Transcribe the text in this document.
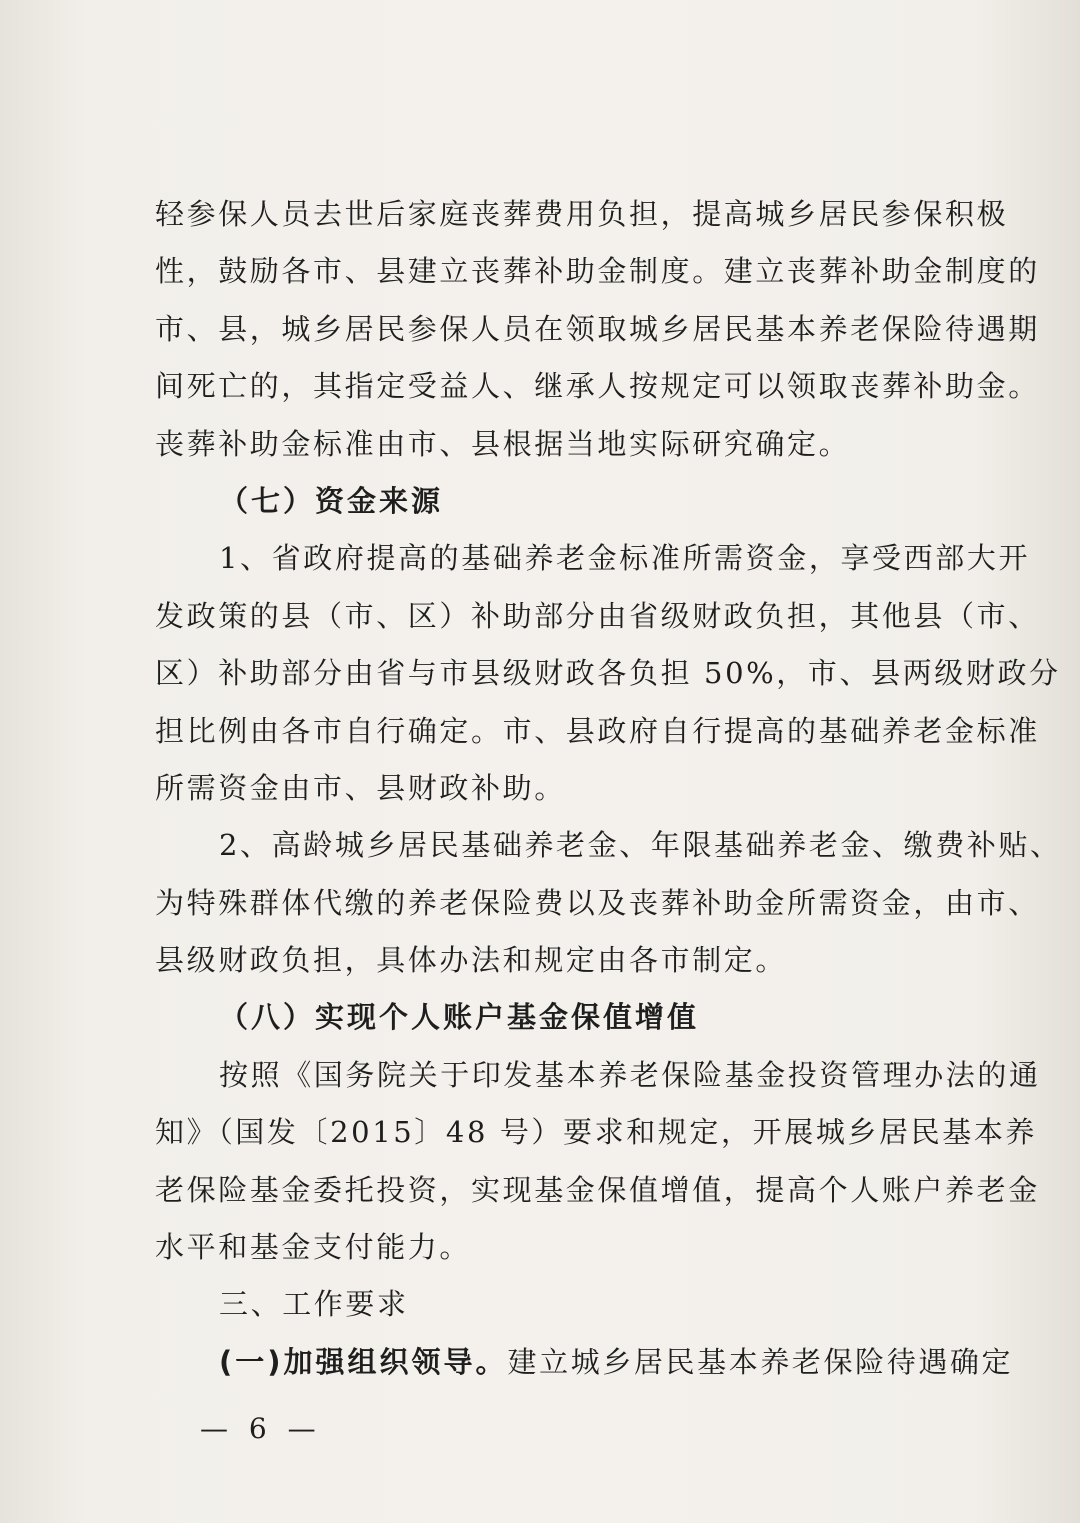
轻参保人员去世后家庭丧葬费用负担，提高城乡居民参保积极
性，鼓励各市、县建立丧葬补助金制度。建立丧葬补助金制度的
市、县，城乡居民参保人员在领取城乡居民基本养老保险待遇期
间死亡的，其指定受益人、继承人按规定可以领取丧葬补助金。
丧葬补助金标准由市、县根据当地实际研究确定。
（七）资金来源
1、省政府提高的基础养老金标准所需资金，享受西部大开
发政策的县（市、区）补助部分由省级财政负担，其他县（市、
区）补助部分由省与市县级财政各负担 50%，市、县两级财政分
担比例由各市自行确定。市、县政府自行提高的基础养老金标准
所需资金由市、县财政补助。
2、高龄城乡居民基础养老金、年限基础养老金、缴费补贴、
为特殊群体代缴的养老保险费以及丧葬补助金所需资金，由市、
县级财政负担，具体办法和规定由各市制定。
（八）实现个人账户基金保值增值
按照《国务院关于印发基本养老保险基金投资管理办法的通
知》（国发〔2015〕48 号）要求和规定，开展城乡居民基本养
老保险基金委托投资，实现基金保值增值，提高个人账户养老金
水平和基金支付能力。
三、工作要求
(一)加强组织领导。建立城乡居民基本养老保险待遇确定
— 6 —
